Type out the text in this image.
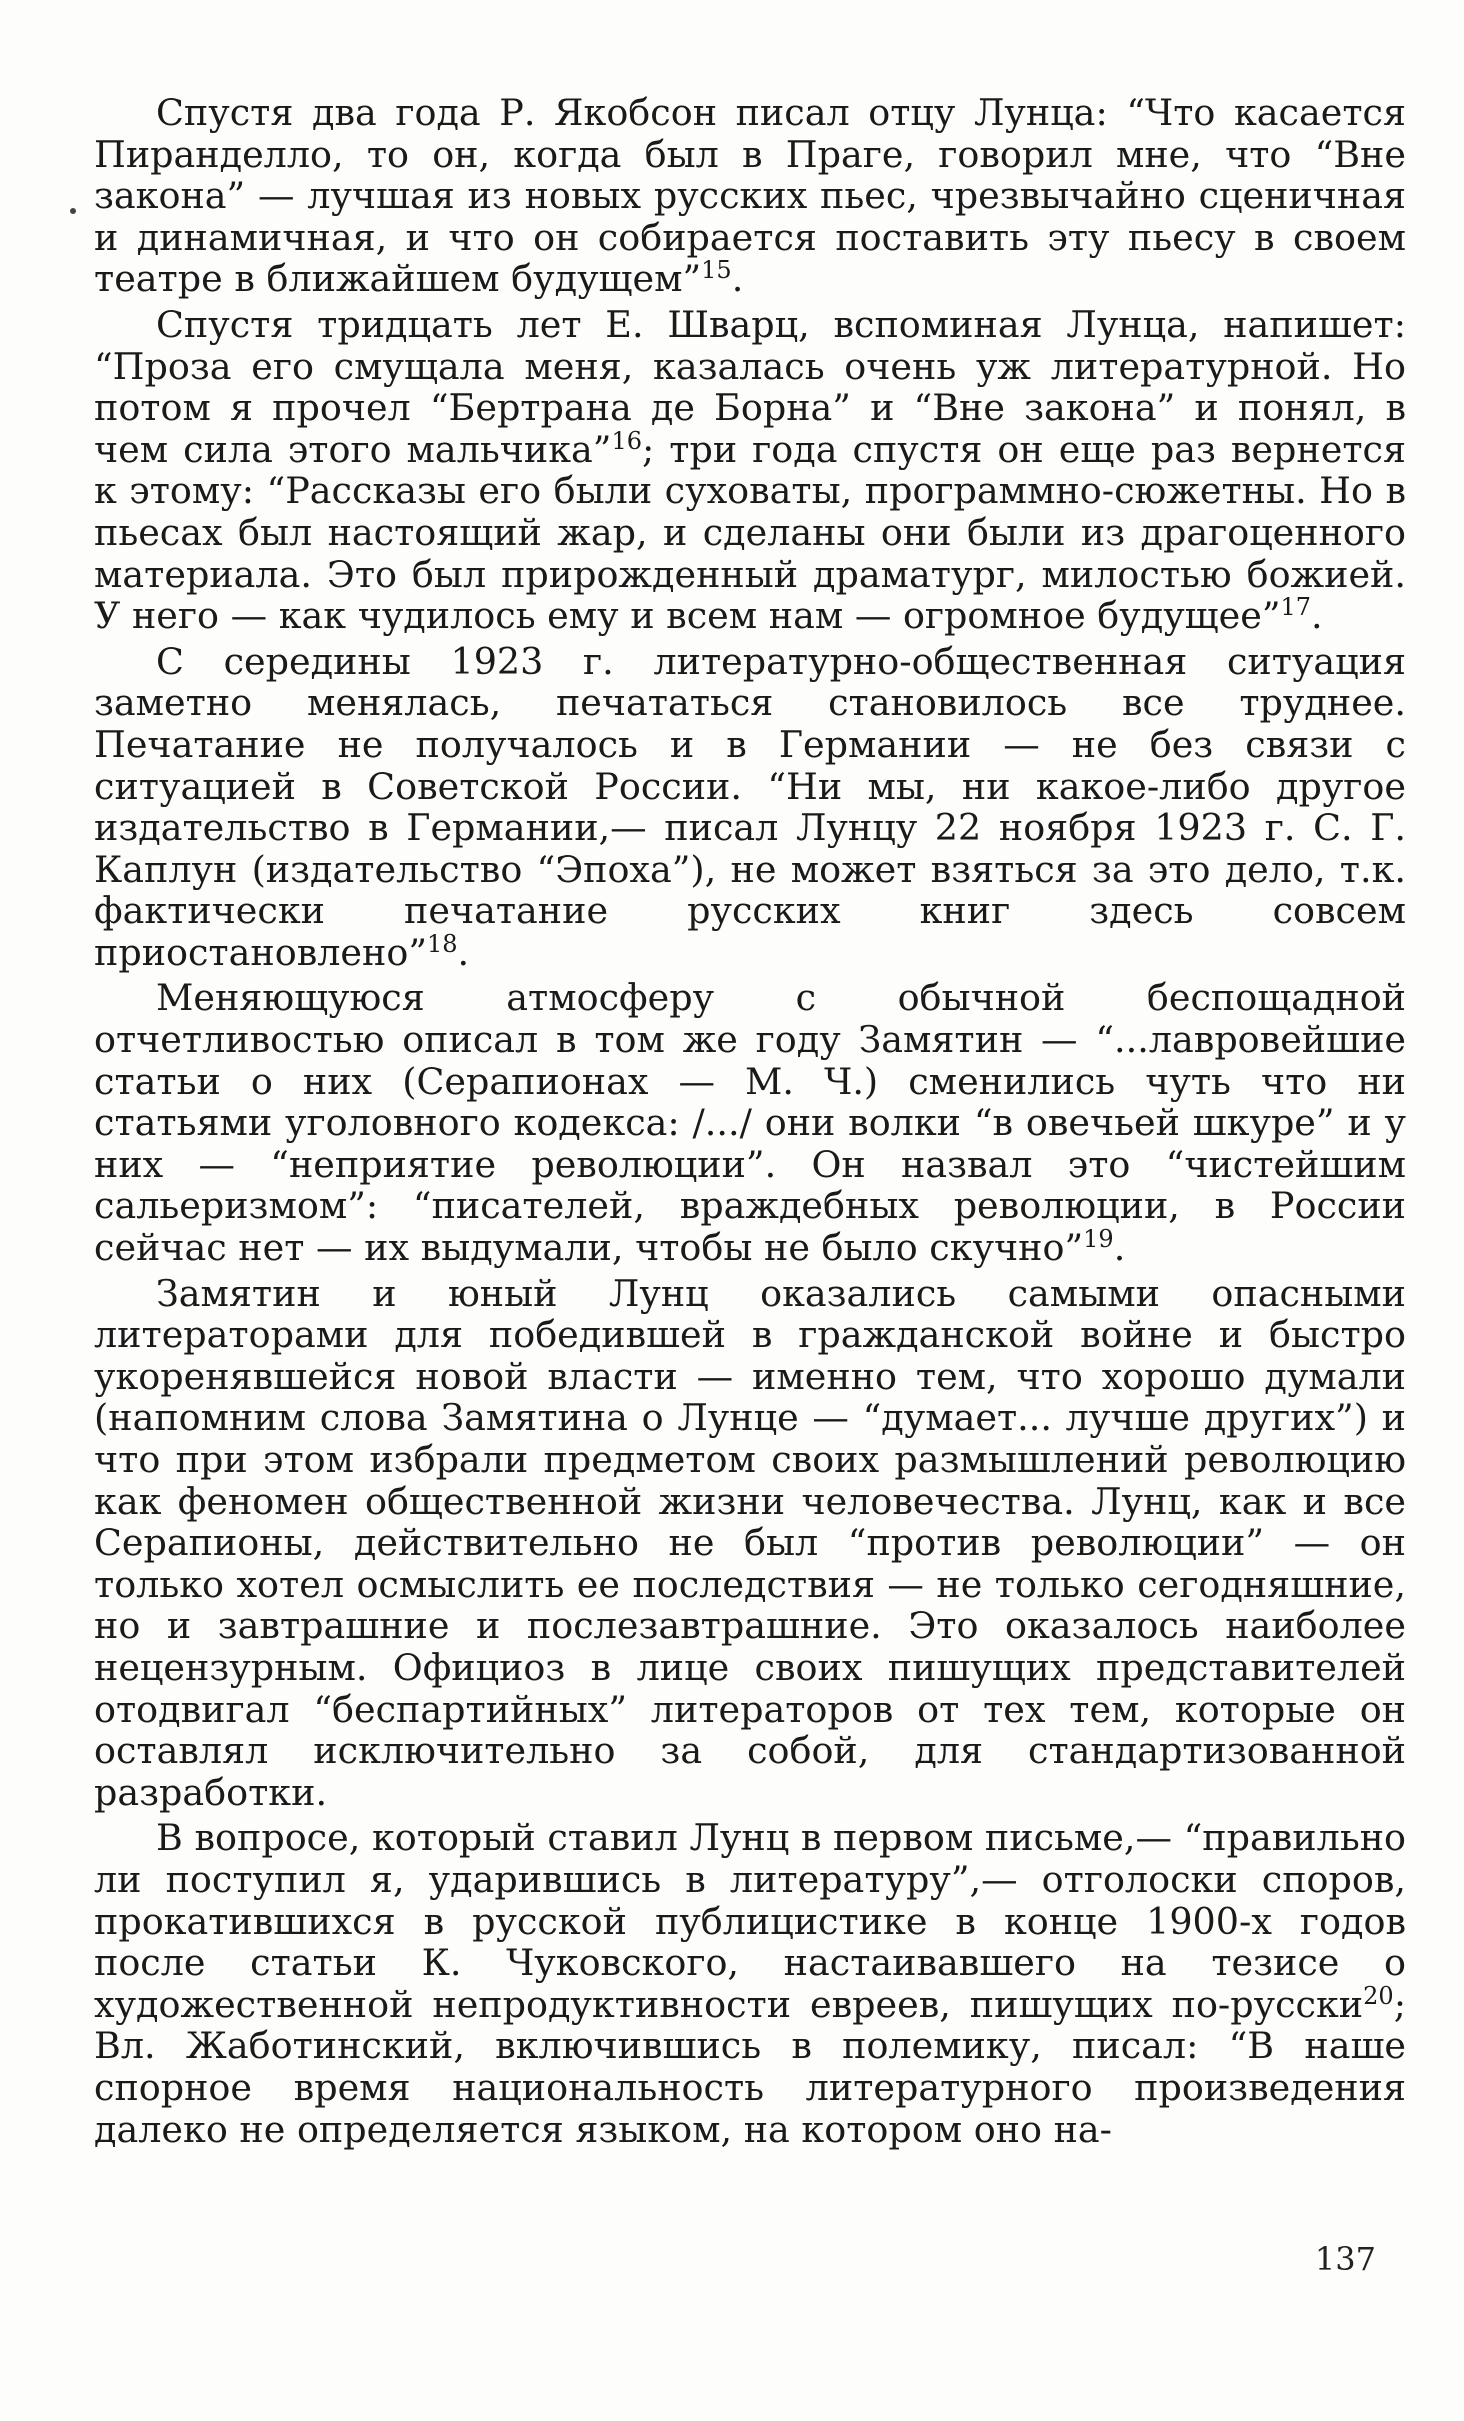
Спустя два года Р. Якобсон писал отцу Лунца: “Что касается Пиранделло, то он, когда был в Праге, говорил мне, что “Вне закона” — лучшая из новых русских пьес, чрезвычайно сценичная и динамичная, и что он собирается поставить эту пьесу в своем театре в ближайшем будущем”$^{15}$.

Спустя тридцать лет Е. Шварц, вспоминая Лунца, напишет: “Проза его смущала меня, казалась очень уж литературной. Но потом я прочел “Бертрана де Борна” и “Вне закона” и понял, в чем сила этого мальчика”$^{16}$; три года спустя он еще раз вернется к этому: “Рассказы его были суховаты, программно-сюжетны. Но в пьесах был настоящий жар, и сделаны они были из драгоценного материала. Это был прирожденный драматург, милостью божией. У него — как чудилось ему и всем нам — огромное будущее”$^{17}$.

С середины 1923 г. литературно-общественная ситуация заметно менялась, печататься становилось все труднее. Печатание не получалось и в Германии — не без связи с ситуацией в Советской России. “Ни мы, ни какое-либо другое издательство в Германии,— писал Лунцу 22 ноября 1923 г. С. Г. Каплун (издательство “Эпоха”), не может взяться за это дело, т.к. фактически печатание русских книг здесь совсем приостановлено”$^{18}$.

Меняющуюся атмосферу с обычной беспощадной отчетливостью описал в том же году Замятин — “...лавровейшие статьи о них (Серапионах — М. Ч.) сменились чуть что ни статьями уголовного кодекса: /.../ они волки “в овечьей шкуре” и у них — “неприятие революции”. Он назвал это “чистейшим сальеризмом”: “писателей, враждебных революции, в России сейчас нет — их выдумали, чтобы не было скучно”$^{19}$.

Замятин и юный Лунц оказались самыми опасными литераторами для победившей в гражданской войне и быстро укоренявшейся новой власти — именно тем, что хорошо думали (напомним слова Замятина о Лунце — “думает... лучше других”) и что при этом избрали предметом своих размышлений революцию как феномен общественной жизни человечества. Лунц, как и все Серапионы, действительно не был “против революции” — он только хотел осмыслить ее последствия — не только сегодняшние, но и завтрашние и послезавтрашние. Это оказалось наиболее нецензурным. Официоз в лице своих пишущих представителей отодвигал “беспартийных” литераторов от тех тем, которые он оставлял исключительно за собой, для стандартизованной разработки.

В вопросе, который ставил Лунц в первом письме,— “правильно ли поступил я, ударившись в литературу”,— отголоски споров, прокатившихся в русской публицистике в конце 1900-х годов после статьи К. Чуковского, настаивавшего на тезисе о художественной непродуктивности евреев, пишущих по-русски$^{20}$; Вл. Жаботинский, включившись в полемику, писал: “В наше спорное время национальность литературного произведения далеко не определяется языком, на котором оно на-

137
